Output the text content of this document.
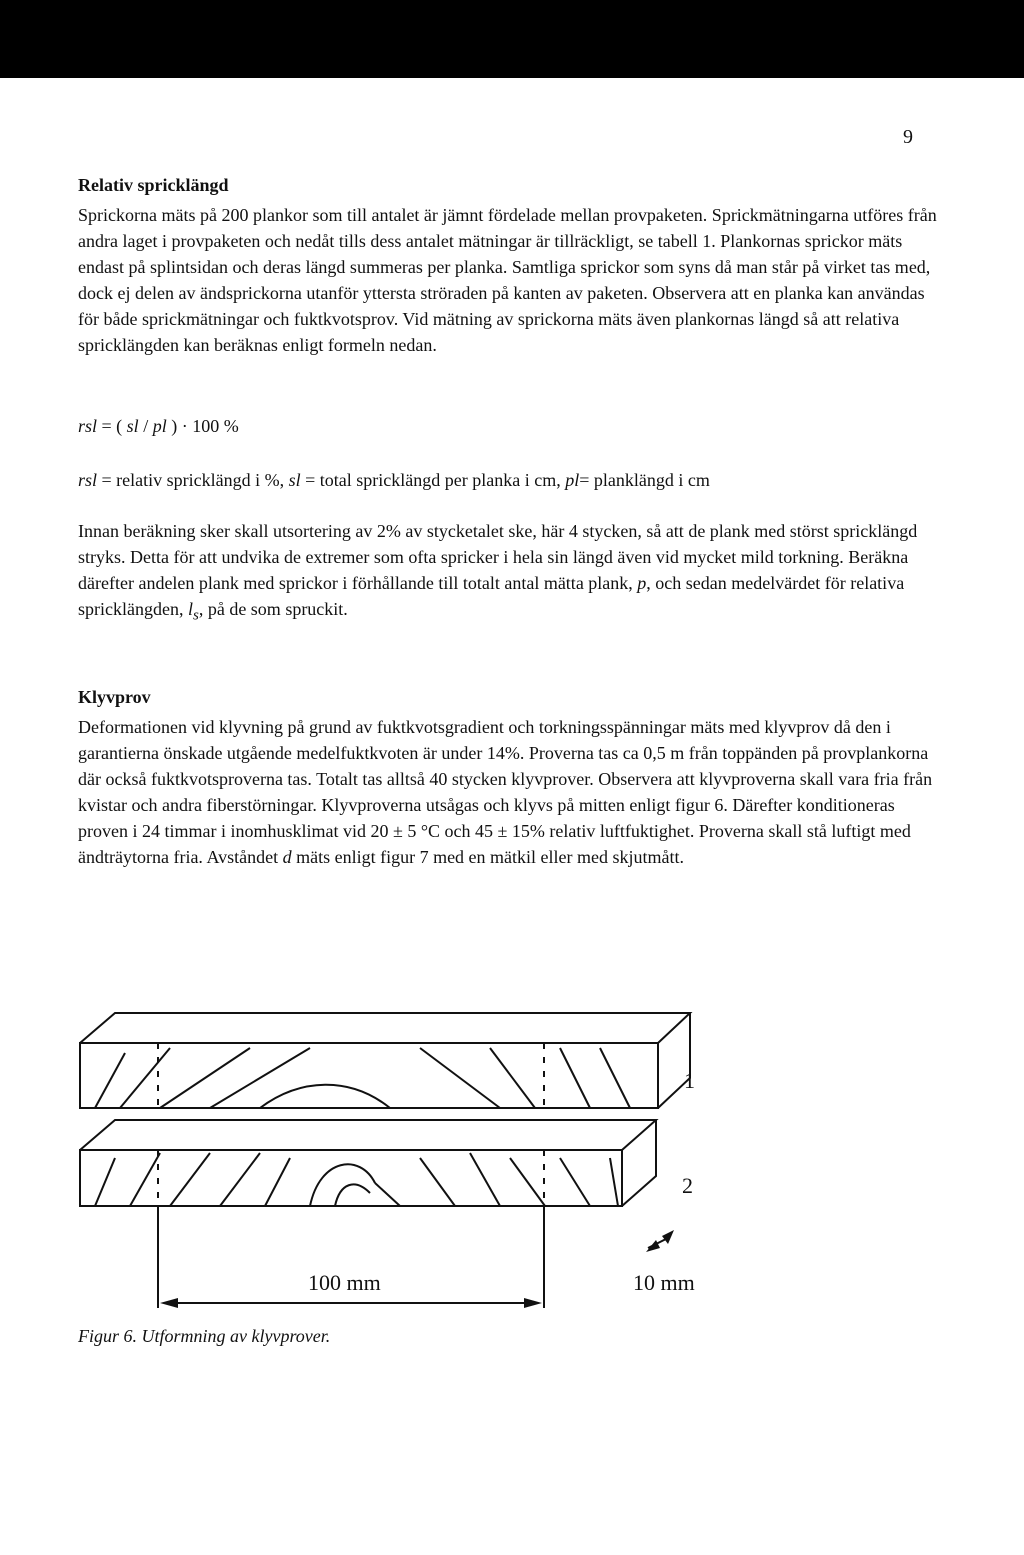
9
Relativ spricklängd

Sprickorna mäts på 200 plankor som till antalet är jämnt fördelade mellan provpaketen. Sprickmätningarna utföres från andra laget i provpaketen och nedåt tills dess antalet mätningar är tillräckligt, se tabell 1. Plankornas sprickor mäts endast på splintsidan och deras längd summeras per planka. Samtliga sprickor som syns då man står på virket tas med, dock ej delen av ändsprickorna utanför yttersta ströraden på kanten av paketen. Observera att en planka kan användas för både sprickmätningar och fuktkvotsprov. Vid mätning av sprickorna mäts även plankornas längd så att relativa spricklängden kan beräknas enligt formeln nedan.

rsl = ( sl / pl ) · 100 %
rsl = relativ spricklängd i %, sl = total spricklängd per planka i cm, pl= planklängd i cm

Innan beräkning sker skall utsortering av 2% av stycketalet ske, här 4 stycken, så att de plank med störst spricklängd stryks. Detta för att undvika de extremer som ofta spricker i hela sin längd även vid mycket mild torkning. Beräkna därefter andelen plank med sprickor i förhållande till totalt antal mätta plank, p, och sedan medelvärdet för relativa spricklängden, $l_s$, på de som spruckit.

Klyvprov

Deformationen vid klyvning på grund av fuktkvotsgradient och torkningsspänningar mäts med klyvprov då den i garantierna önskade utgående medelfuktkvoten är under 14%. Proverna tas ca 0,5 m från toppänden på provplankorna där också fuktkvotsproverna tas. Totalt tas alltså 40 stycken klyvprover. Observera att klyvproverna skall vara fria från kvistar och andra fiberstörningar. Klyvproverna utsågas och klyvs på mitten enligt figur 6. Därefter konditioneras proven i 24 timmar i inomhusklimat vid 20 ± 5 °C och 45 ± 15% relativ luftfuktighet. Proverna skall stå luftigt med ändträytorna fria. Avståndet d mäts enligt figur 7 med en mätkil eller med skjutmått.

1
2
100 mm	10 mm
Figur 6. Utformning av klyvprover.
